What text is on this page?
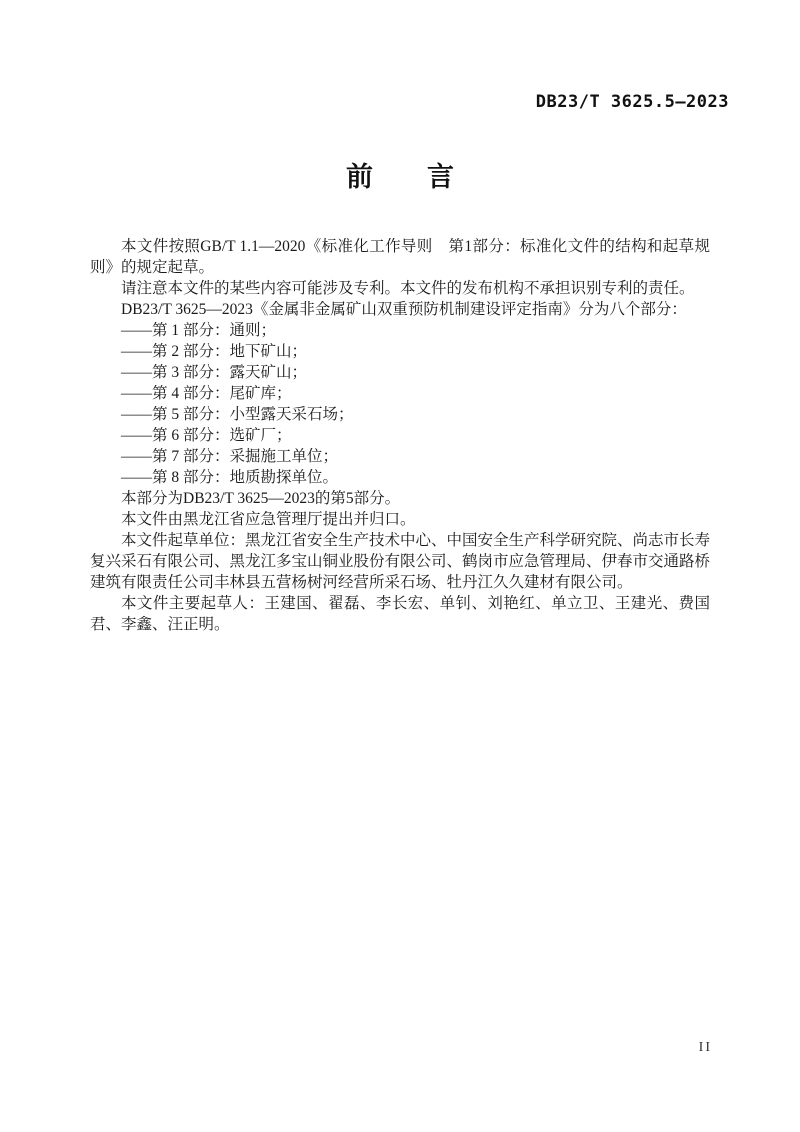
DB23/T 3625.5—2023
前　　言

本文件按照GB/T 1.1—2020《标准化工作导则　第1部分：标准化文件的结构和起草规则》的规定起草。

请注意本文件的某些内容可能涉及专利。本文件的发布机构不承担识别专利的责任。

DB23/T 3625—2023《金属非金属矿山双重预防机制建设评定指南》分为八个部分：

——第 1 部分：通则；

——第 2 部分：地下矿山；

——第 3 部分：露天矿山；

——第 4 部分：尾矿库；

——第 5 部分：小型露天采石场；

——第 6 部分：选矿厂；

——第 7 部分：采掘施工单位；

——第 8 部分：地质勘探单位。

本部分为DB23/T 3625—2023的第5部分。

本文件由黑龙江省应急管理厅提出并归口。

本文件起草单位：黑龙江省安全生产技术中心、中国安全生产科学研究院、尚志市长寿复兴采石有限公司、黑龙江多宝山铜业股份有限公司、鹤岗市应急管理局、伊春市交通路桥建筑有限责任公司丰林县五营杨树河经营所采石场、牡丹江久久建材有限公司。

本文件主要起草人：王建国、翟磊、李长宏、单钊、刘艳红、单立卫、王建光、费国君、李鑫、汪正明。

II
